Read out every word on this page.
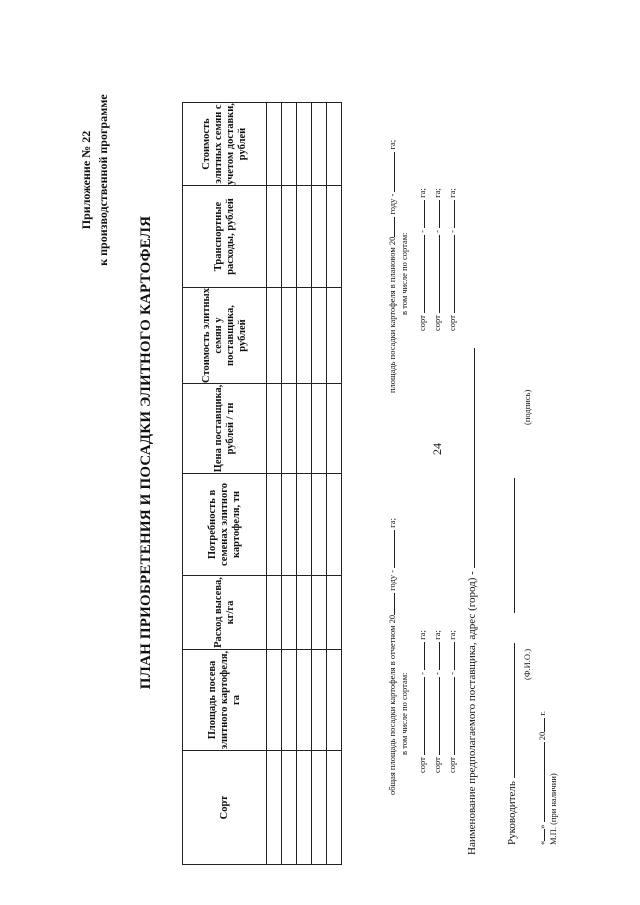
24
Приложение № 22 к производственной программе
ПЛАН ПРИОБРЕТЕНИЯ И ПОСАДКИ ЭЛИТНОГО КАРТОФЕЛЯ
Сорт	Площадь посева элитного картофеля, га	Расход высева, кг/га	Потребность в семенах элитного картофеля, тн	Цена поставщика, рублей / тн	Стоимость элитных семян у поставщика, рублей	Транспортные расходы, рублей	Стоимость элитных семян с учетом доставки, рублей

общая площадь посадки картофеля в отчетном 20 году -  га;
в том числе по сортам:
сорт  -  га;
сорт  -  га;
сорт  -  га;
площадь посадки картофеля в плановом 20 году -  га;
в том числе по сортам:
сорт  -  га;
сорт  -  га;
сорт  -  га;
Наименование предполагаемого поставщика, адрес (город) -	Руководитель
(Ф.И.О.)
(подпись)
«»  20 г.
М.П. (при наличии)
